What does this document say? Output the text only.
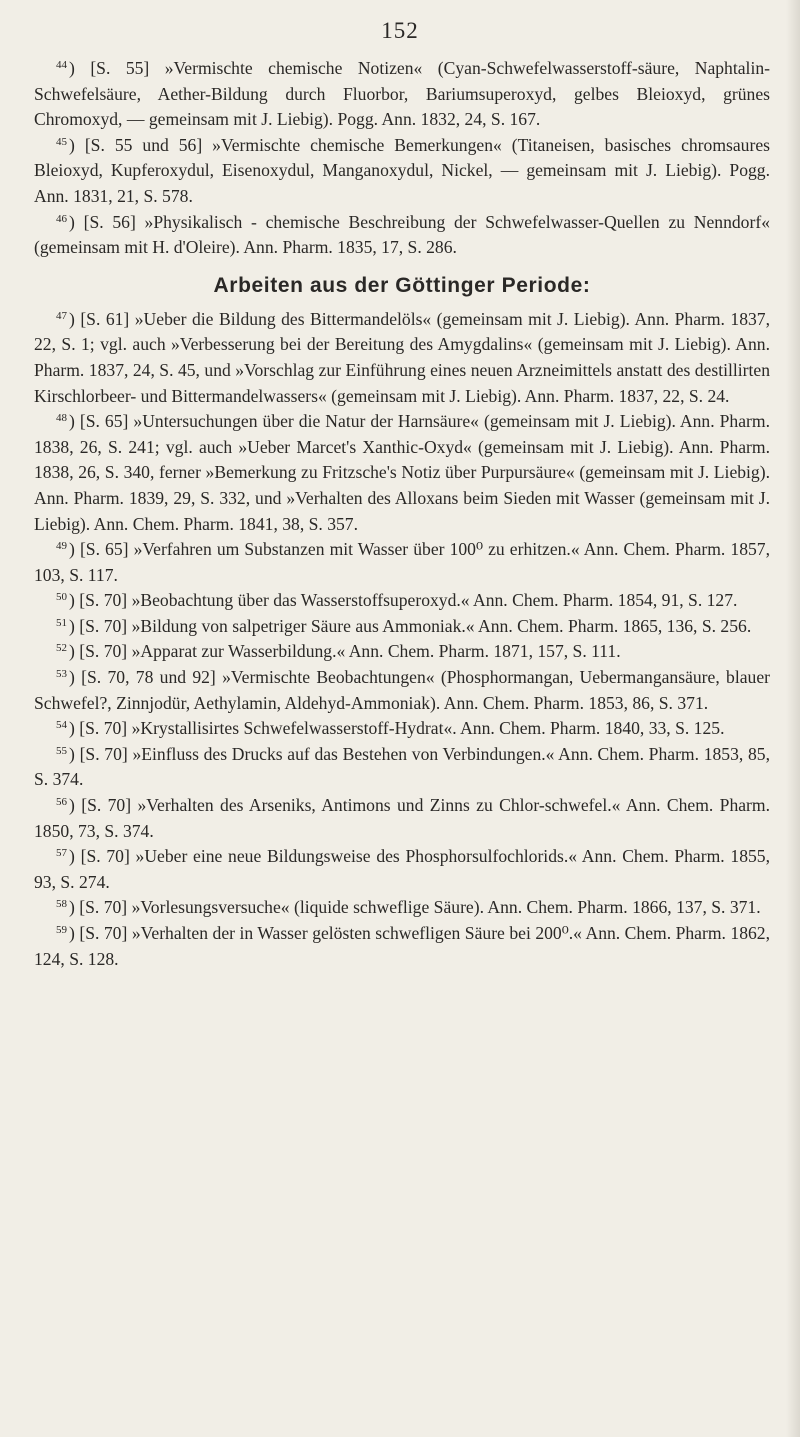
152

$^{44}$ ) [S. 55] »Vermischte chemische Notizen« (Cyan-Schwefelwasserstoff-säure, Naphtalin-Schwefelsäure, Aether-Bildung durch Fluorbor, Bariumsuperoxyd, gelbes Bleioxyd, grünes Chromoxyd, — gemeinsam mit J. Liebig). Pogg. Ann. 1832, 24, S. 167.

$^{45}$ ) [S. 55 und 56] »Vermischte chemische Bemerkungen« (Titaneisen, basisches chromsaures Bleioxyd, Kupferoxydul, Eisenoxydul, Manganoxydul, Nickel, — gemeinsam mit J. Liebig). Pogg. Ann. 1831, 21, S. 578.

$^{46}$ ) [S. 56] »Physikalisch - chemische Beschreibung der Schwefelwasser-Quellen zu Nenndorf« (gemeinsam mit H. d'Oleire). Ann. Pharm. 1835, 17, S. 286.

Arbeiten aus der Göttinger Periode:

$^{47}$ ) [S. 61] »Ueber die Bildung des Bittermandelöls« (gemeinsam mit J. Liebig). Ann. Pharm. 1837, 22, S. 1; vgl. auch »Verbesserung bei der Bereitung des Amygdalins« (gemeinsam mit J. Liebig). Ann. Pharm. 1837, 24, S. 45, und »Vorschlag zur Einführung eines neuen Arzneimittels anstatt des destillirten Kirschlorbeer- und Bittermandelwassers« (gemeinsam mit J. Liebig). Ann. Pharm. 1837, 22, S. 24.

$^{48}$ ) [S. 65] »Untersuchungen über die Natur der Harnsäure« (gemeinsam mit J. Liebig). Ann. Pharm. 1838, 26, S. 241; vgl. auch »Ueber Marcet's Xanthic-Oxyd« (gemeinsam mit J. Liebig). Ann. Pharm. 1838, 26, S. 340, ferner »Bemerkung zu Fritzsche's Notiz über Purpursäure« (gemeinsam mit J. Liebig). Ann. Pharm. 1839, 29, S. 332, und »Verhalten des Alloxans beim Sieden mit Wasser (gemeinsam mit J. Liebig). Ann. Chem. Pharm. 1841, 38, S. 357.

$^{49}$ ) [S. 65] »Verfahren um Substanzen mit Wasser über 100⁰ zu erhitzen.« Ann. Chem. Pharm. 1857, 103, S. 117.

$^{50}$ ) [S. 70] »Beobachtung über das Wasserstoffsuperoxyd.« Ann. Chem. Pharm. 1854, 91, S. 127.

$^{51}$ ) [S. 70] »Bildung von salpetriger Säure aus Ammoniak.« Ann. Chem. Pharm. 1865, 136, S. 256.

$^{52}$ ) [S. 70] »Apparat zur Wasserbildung.« Ann. Chem. Pharm. 1871, 157, S. 111.

$^{53}$ ) [S. 70, 78 und 92] »Vermischte Beobachtungen« (Phosphormangan, Uebermangansäure, blauer Schwefel?, Zinnjodür, Aethylamin, Aldehyd-Ammoniak). Ann. Chem. Pharm. 1853, 86, S. 371.

$^{54}$ ) [S. 70] »Krystallisirtes Schwefelwasserstoff-Hydrat«. Ann. Chem. Pharm. 1840, 33, S. 125.

$^{55}$ ) [S. 70] »Einfluss des Drucks auf das Bestehen von Verbindungen.« Ann. Chem. Pharm. 1853, 85, S. 374.

$^{56}$ ) [S. 70] »Verhalten des Arseniks, Antimons und Zinns zu Chlor-schwefel.« Ann. Chem. Pharm. 1850, 73, S. 374.

$^{57}$ ) [S. 70] »Ueber eine neue Bildungsweise des Phosphorsulfochlorids.« Ann. Chem. Pharm. 1855, 93, S. 274.

$^{58}$ ) [S. 70] »Vorlesungsversuche« (liquide schwefligе Säure). Ann. Chem. Pharm. 1866, 137, S. 371.

$^{59}$ ) [S. 70] »Verhalten der in Wasser gelösten schwefligen Säure bei 200⁰.« Ann. Chem. Pharm. 1862, 124, S. 128.
